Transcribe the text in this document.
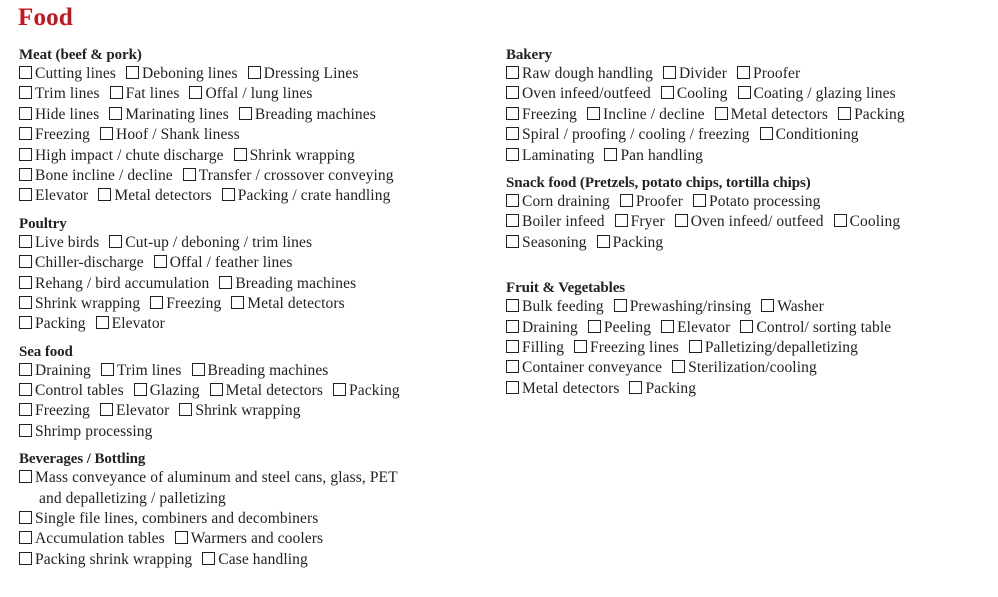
Food
Meat (beef & pork)
Cutting lines Deboning lines Dressing Lines
Trim lines Fat lines Offal / lung lines
Hide lines Marinating lines Breading machines
Freezing Hoof / Shank liness
High impact / chute discharge Shrink wrapping
Bone incline / decline Transfer / crossover conveying
Elevator Metal detectors Packing / crate handling
Poultry
Live birds Cut-up / deboning / trim lines
Chiller-discharge Offal / feather lines
Rehang / bird accumulation Breading machines
Shrink wrapping Freezing Metal detectors
Packing Elevator
Sea food
Draining Trim lines Breading machines
Control tables Glazing Metal detectors Packing
Freezing Elevator Shrink wrapping
Shrimp processing
Beverages / Bottling
Mass conveyance of aluminum and steel cans, glass, PET
and depalletizing / palletizing
Single file lines, combiners and decombiners
Accumulation tables Warmers and coolers
Packing shrink wrapping Case handling
Bakery
Raw dough handling Divider Proofer
Oven infeed/outfeed Cooling Coating / glazing lines
Freezing Incline / decline Metal detectors Packing
Spiral / proofing / cooling / freezing Conditioning
Laminating Pan handling
Snack food (Pretzels, potato chips, tortilla chips)
Corn draining Proofer Potato processing
Boiler infeed Fryer Oven infeed/ outfeed Cooling
Seasoning Packing
Fruit & Vegetables
Bulk feeding Prewashing/rinsing Washer
Draining Peeling Elevator Control/ sorting table
Filling Freezing lines Palletizing/depalletizing
Container conveyance Sterilization/cooling
Metal detectors Packing
